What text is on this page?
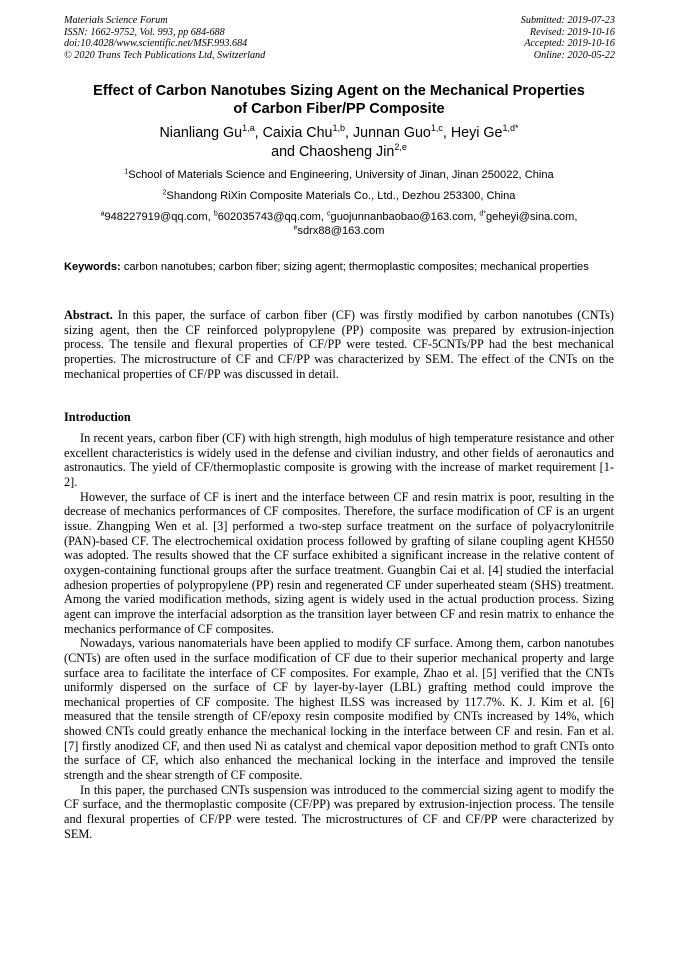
Materials Science Forum
ISSN: 1662-9752, Vol. 993, pp 684-688
doi:10.4028/www.scientific.net/MSF.993.684
© 2020 Trans Tech Publications Ltd, Switzerland
Submitted: 2019-07-23
Revised: 2019-10-16
Accepted: 2019-10-16
Online: 2020-05-22
Effect of Carbon Nanotubes Sizing Agent on the Mechanical Properties
of Carbon Fiber/PP Composite
Nianliang Gu$^{1,a}$, Caixia Chu$^{1,b}$, Junnan Guo$^{1,c}$, Heyi $Ge^{1,d*}$
and Chaosheng Jin$^{2,e}$
$^1$School of Materials Science and Engineering, University of Jinan, Jinan 250022, China
$^2$Shandong RiXin Composite Materials Co., Ltd., Dezhou 253300, China
$^a$948227919@qq.com, $^b$602035743@qq.com, $^c$guojunnanbaobao@163.com, $^{d*}$geheyi@sina.com,
$^e$sdrx88@163.com
Keywords: carbon nanotubes; carbon fiber; sizing agent; thermoplastic composites; mechanical properties
Abstract. In this paper, the surface of carbon fiber (CF) was firstly modified by carbon nanotubes (CNTs) sizing agent, then the CF reinforced polypropylene (PP) composite was prepared by extrusion-injection process. The tensile and flexural properties of CF/PP were tested. CF-5CNTs/PP had the best mechanical properties. The microstructure of CF and CF/PP was characterized by SEM. The effect of the CNTs on the mechanical properties of CF/PP was discussed in detail.
Introduction

In recent years, carbon fiber (CF) with high strength, high modulus of high temperature resistance and other excellent characteristics is widely used in the defense and civilian industry, and other fields of aeronautics and astronautics. The yield of CF/thermoplastic composite is growing with the increase of market requirement [1-2].

However, the surface of CF is inert and the interface between CF and resin matrix is poor, resulting in the decrease of mechanics performances of CF composites. Therefore, the surface modification of CF is an urgent issue. Zhangping Wen et al. [3] performed a two-step surface treatment on the surface of polyacrylonitrile (PAN)-based CF. The electrochemical oxidation process followed by grafting of silane coupling agent KH550 was adopted. The results showed that the CF surface exhibited a significant increase in the relative content of oxygen-containing functional groups after the surface treatment. Guangbin Cai et al. [4] studied the interfacial adhesion properties of polypropylene (PP) resin and regenerated CF under superheated steam (SHS) treatment. Among the varied modification methods, sizing agent is widely used in the actual production process. Sizing agent can improve the interfacial adsorption as the transition layer between CF and resin matrix to enhance the mechanics performance of CF composites.

Nowadays, various nanomaterials have been applied to modify CF surface. Among them, carbon nanotubes (CNTs) are often used in the surface modification of CF due to their superior mechanical property and large surface area to facilitate the interface of CF composites. For example, Zhao et al. [5] verified that the CNTs uniformly dispersed on the surface of CF by layer-by-layer (LBL) grafting method could improve the mechanical properties of CF composite. The highest ILSS was increased by 117.7%. K. J. Kim et al. [6] measured that the tensile strength of CF/epoxy resin composite modified by CNTs increased by 14%, which showed CNTs could greatly enhance the mechanical locking in the interface between CF and resin. Fan et al. [7] firstly anodized CF, and then used Ni as catalyst and chemical vapor deposition method to graft CNTs onto the surface of CF, which also enhanced the mechanical locking in the interface and improved the tensile strength and the shear strength of CF composite.

In this paper, the purchased CNTs suspension was introduced to the commercial sizing agent to modify the CF surface, and the thermoplastic composite (CF/PP) was prepared by extrusion-injection process. The tensile and flexural properties of CF/PP were tested. The microstructures of CF and CF/PP were characterized by SEM.
